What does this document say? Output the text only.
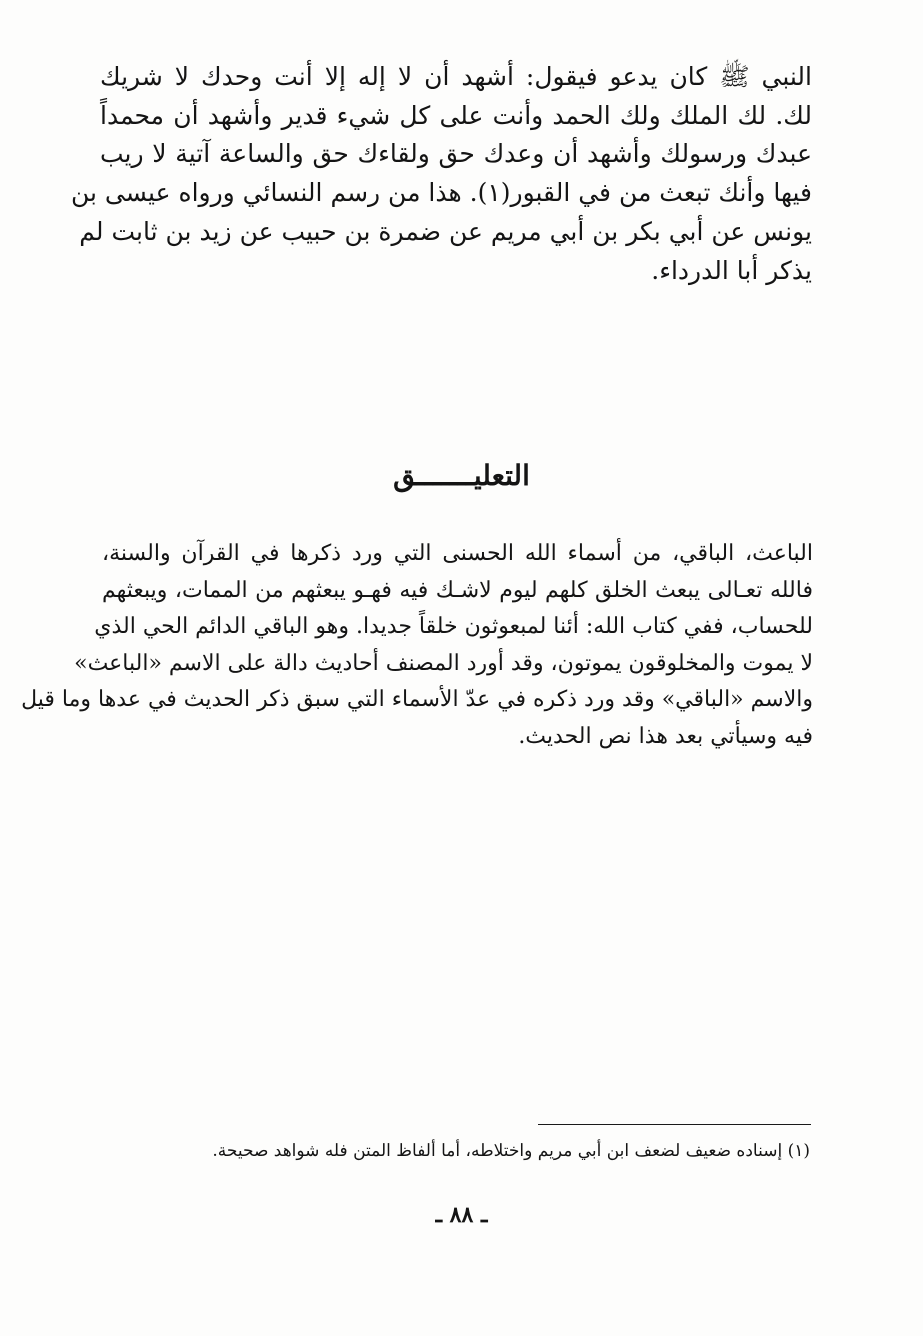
النبي ﷺ كان يدعو فيقول: أشهد أن لا إله إلا أنت وحدك لا شريك
لك. لك الملك ولك الحمد وأنت على كل شيء قدير وأشهد أن محمداً
عبدك ورسولك وأشهد أن وعدك حق ولقاءك حق والساعة آتية لا ريب
فيها وأنك تبعث من في القبور(١). هذا من رسم النسائي ورواه عيسى بن
يونس عن أبي بكر بن أبي مريم عن ضمرة بن حبيب عن زيد بن ثابت لم
يذكر أبا الدرداء.
التعليـــــــق
الباعث، الباقي، من أسماء الله الحسنى التي ورد ذكرها في القرآن والسنة،
فالله تعـالى يبعث الخلق كلهم ليوم لاشـك فيه فهـو يبعثهم من الممات، ويبعثهم
للحساب، ففي كتاب الله: أئنا لمبعوثون خلقاً جديدا. وهو الباقي الدائم الحي الذي
لا يموت والمخلوقون يموتون، وقد أورد المصنف أحاديث دالة على الاسم «الباعث»
والاسم «الباقي» وقد ورد ذكره في عدّ الأسماء التي سبق ذكر الحديث في عدها وما قيل
فيه وسيأتي بعد هذا نص الحديث.
(١) إسناده ضعيف لضعف ابن أبي مريم واختلاطه، أما ألفاظ المتن فله شواهد صحيحة.
ـ ٨٨ ـ
